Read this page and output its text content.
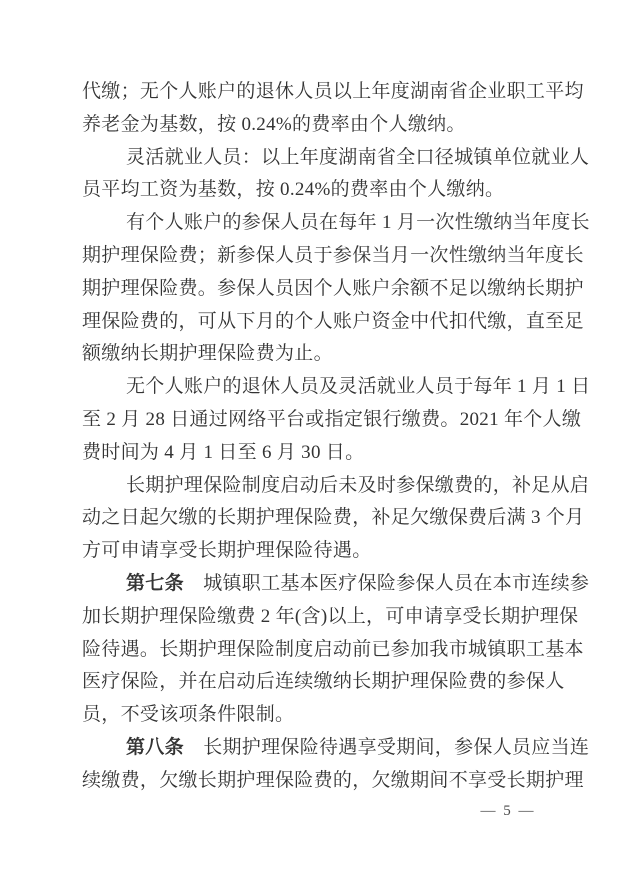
代缴；无个人账户的退休人员以上年度湖南省企业职工平均
养老金为基数，按 0.24%的费率由个人缴纳。
灵活就业人员：以上年度湖南省全口径城镇单位就业人
员平均工资为基数，按 0.24%的费率由个人缴纳。
有个人账户的参保人员在每年 1 月一次性缴纳当年度长
期护理保险费；新参保人员于参保当月一次性缴纳当年度长
期护理保险费。参保人员因个人账户余额不足以缴纳长期护
理保险费的，可从下月的个人账户资金中代扣代缴，直至足
额缴纳长期护理保险费为止。
无个人账户的退休人员及灵活就业人员于每年 1 月 1 日
至 2 月 28 日通过网络平台或指定银行缴费。2021 年个人缴
费时间为 4 月 1 日至 6 月 30 日。
长期护理保险制度启动后未及时参保缴费的，补足从启
动之日起欠缴的长期护理保险费，补足欠缴保费后满 3 个月
方可申请享受长期护理保险待遇。
第七条　城镇职工基本医疗保险参保人员在本市连续参
加长期护理保险缴费 2 年(含)以上，可申请享受长期护理保
险待遇。长期护理保险制度启动前已参加我市城镇职工基本
医疗保险，并在启动后连续缴纳长期护理保险费的参保人
员，不受该项条件限制。
第八条　长期护理保险待遇享受期间，参保人员应当连
续缴费，欠缴长期护理保险费的，欠缴期间不享受长期护理
— 5 —
